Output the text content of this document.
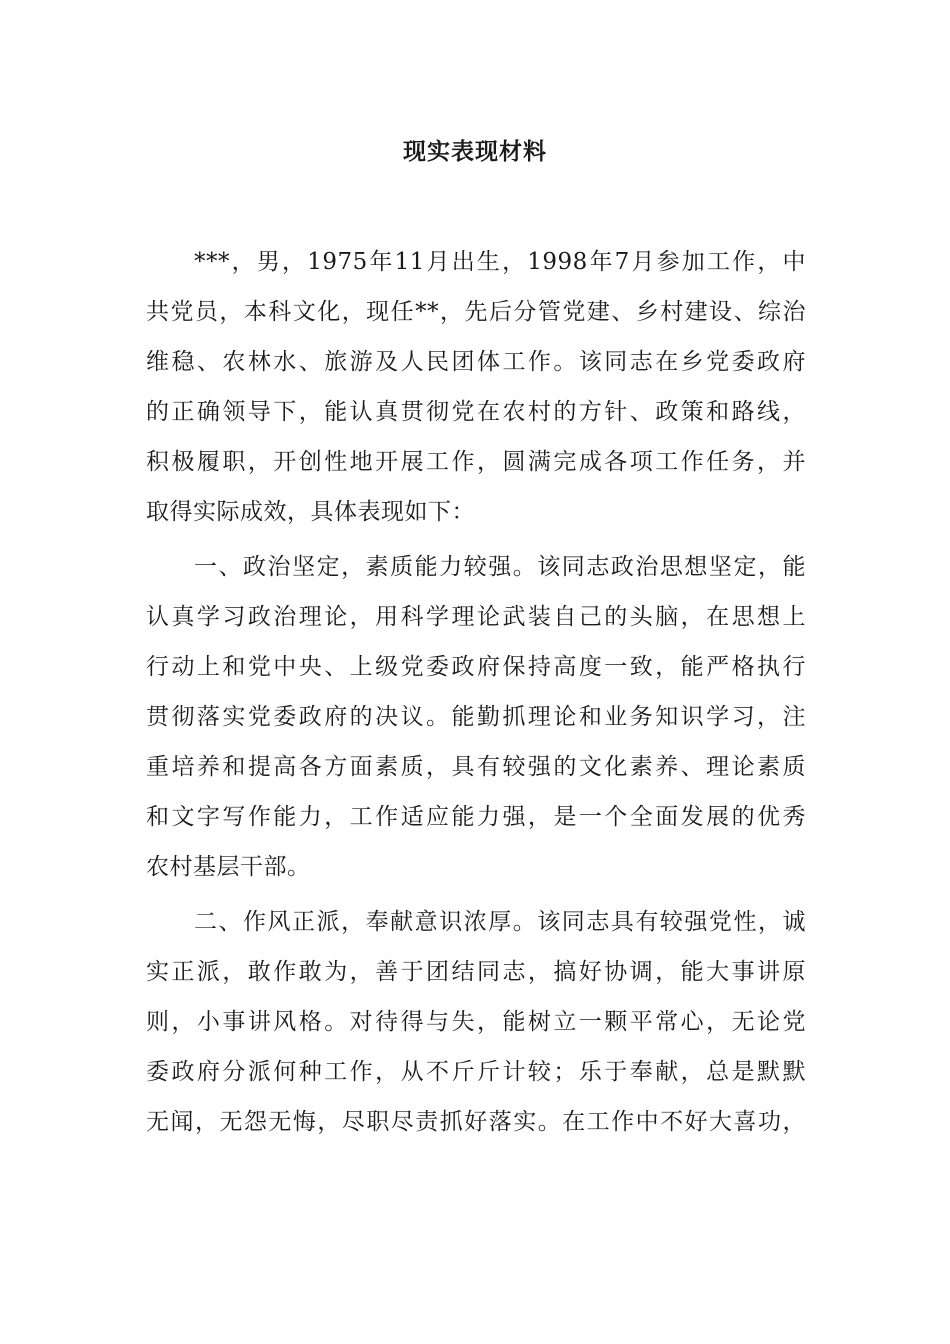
现实表现材料
***，男，1975年11月出生，1998年7月参加工作，中
共党员，本科文化，现任**，先后分管党建、乡村建设、综治
维稳、农林水、旅游及人民团体工作。该同志在乡党委政府
的正确领导下，能认真贯彻党在农村的方针、政策和路线，
积极履职，开创性地开展工作，圆满完成各项工作任务，并
取得实际成效，具体表现如下：
一、政治坚定，素质能力较强。该同志政治思想坚定，能
认真学习政治理论，用科学理论武装自己的头脑，在思想上
行动上和党中央、上级党委政府保持高度一致，能严格执行
贯彻落实党委政府的决议。能勤抓理论和业务知识学习，注
重培养和提高各方面素质，具有较强的文化素养、理论素质
和文字写作能力，工作适应能力强，是一个全面发展的优秀
农村基层干部。
二、作风正派，奉献意识浓厚。该同志具有较强党性，诚
实正派，敢作敢为，善于团结同志，搞好协调，能大事讲原
则，小事讲风格。对待得与失，能树立一颗平常心，无论党
委政府分派何种工作，从不斤斤计较；乐于奉献，总是默默
无闻，无怨无悔，尽职尽责抓好落实。在工作中不好大喜功，
